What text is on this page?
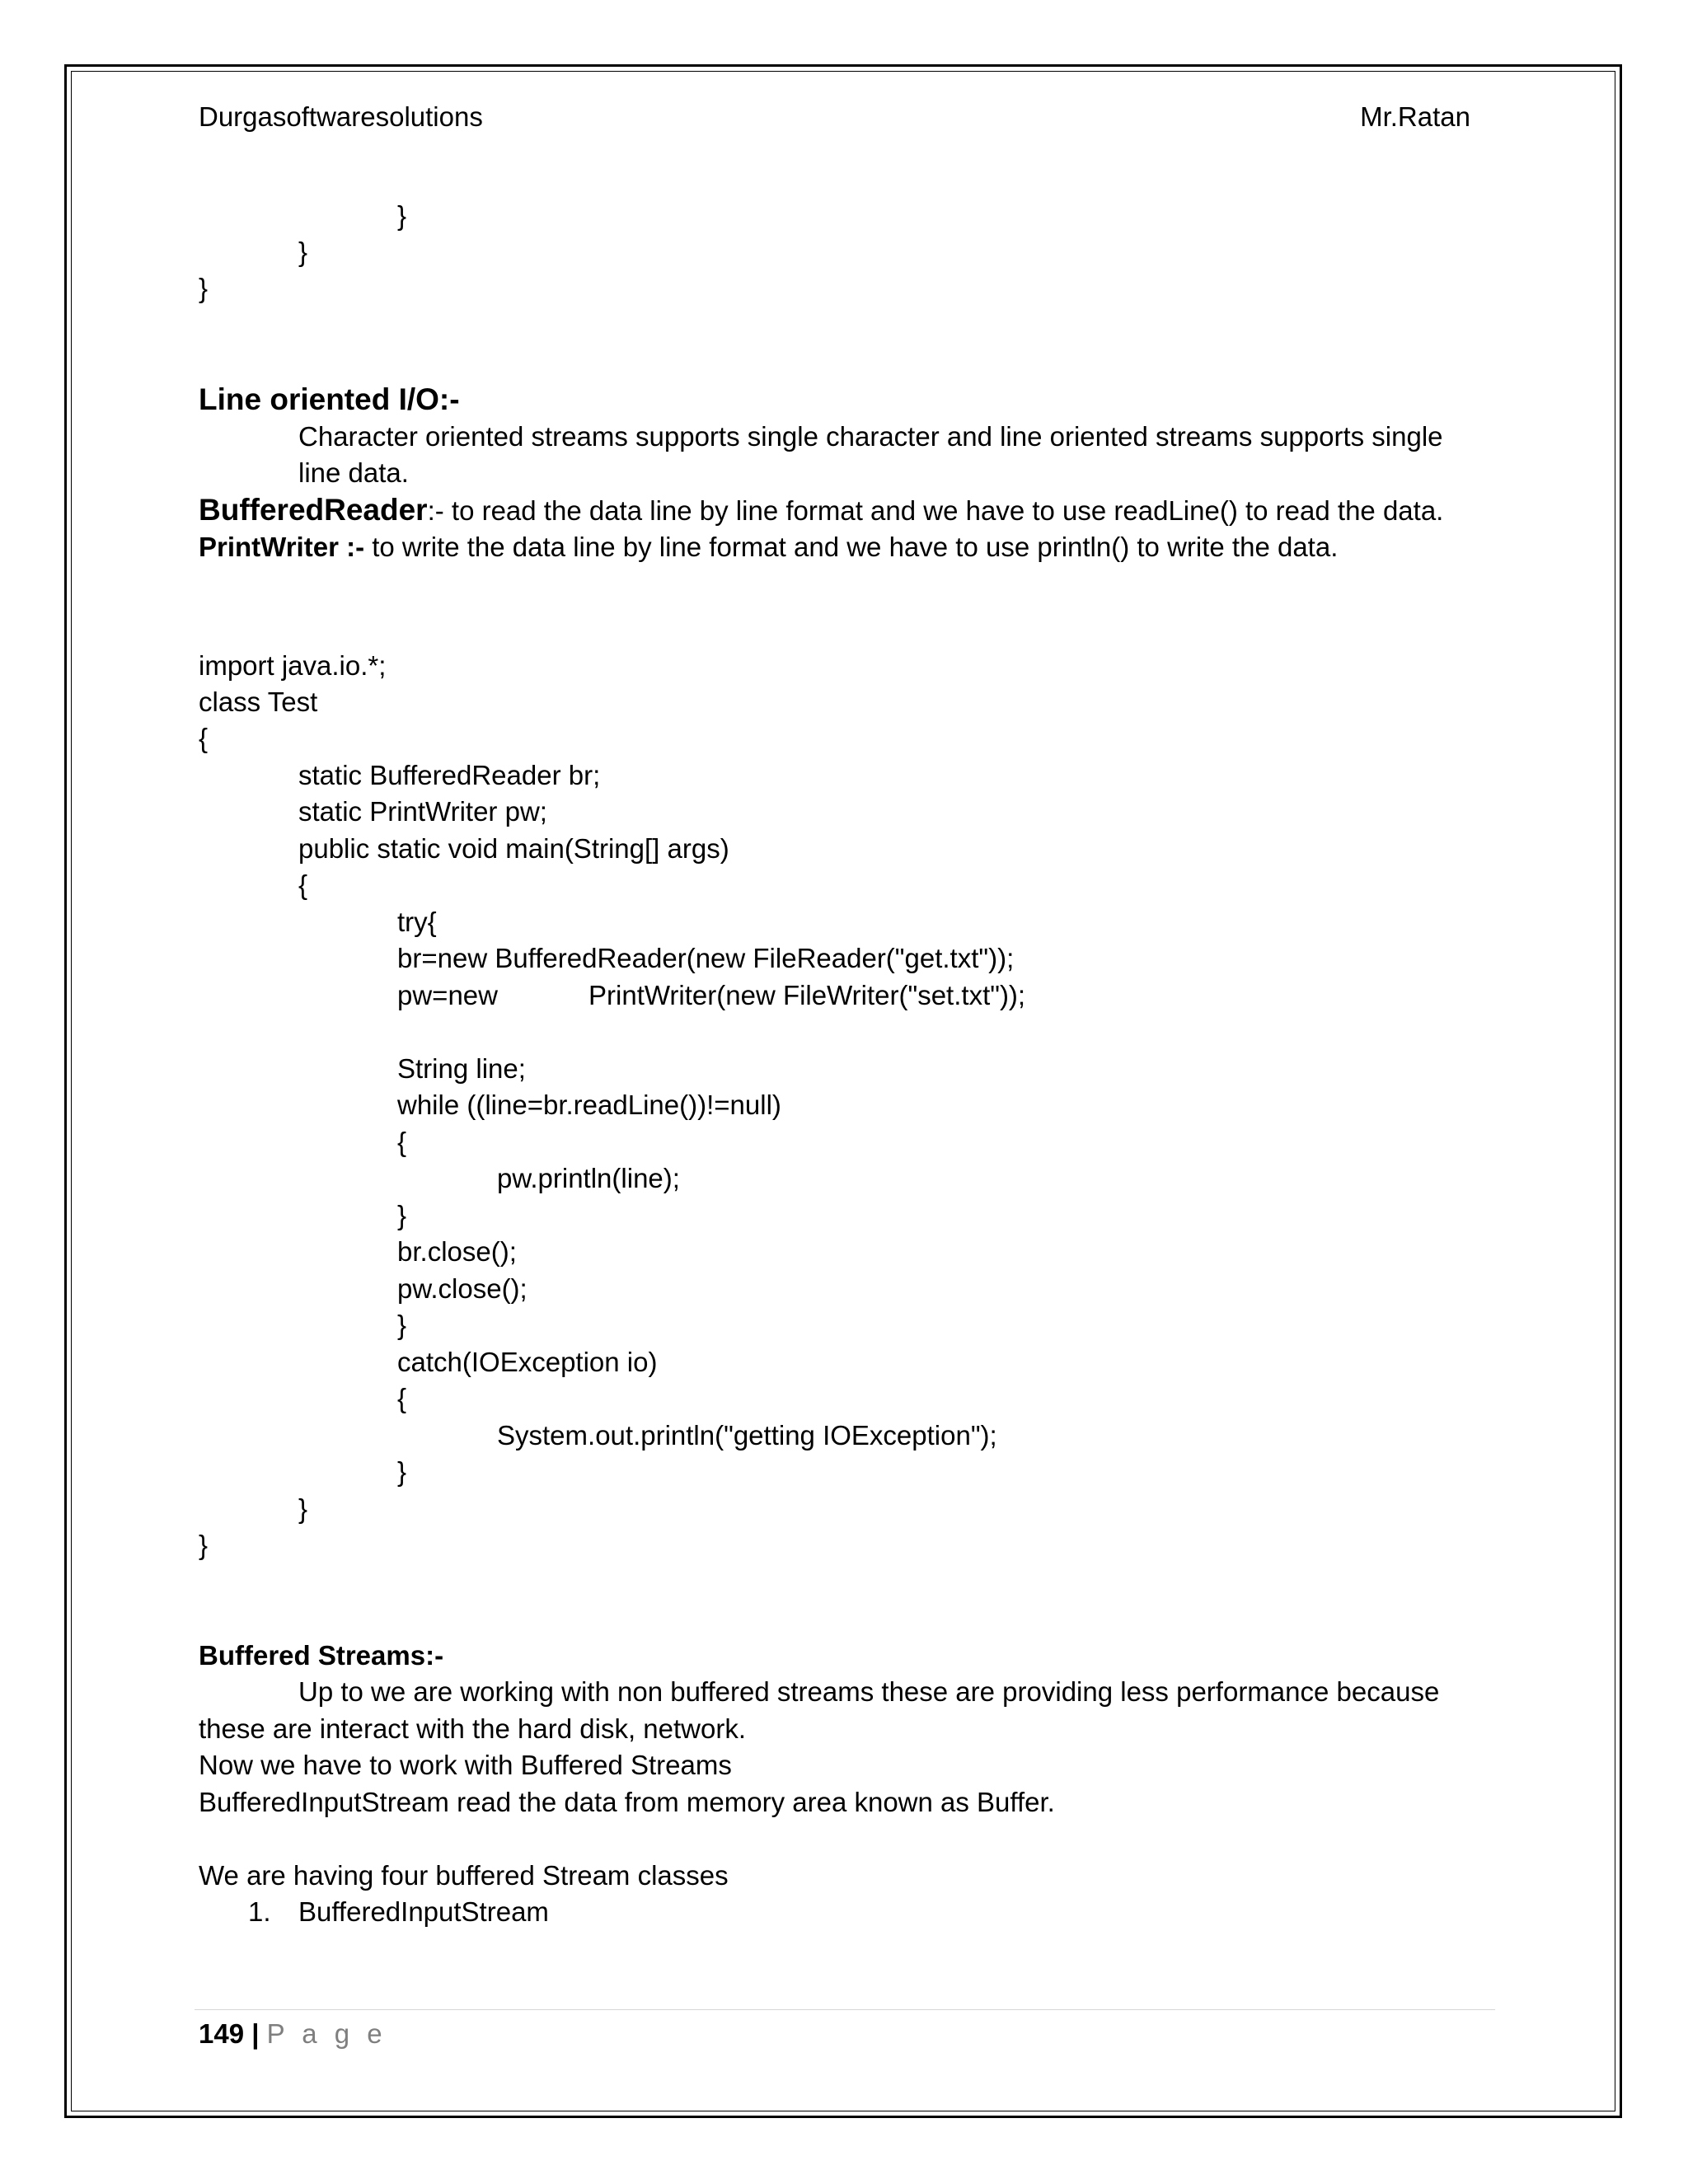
Durgasoftwaresolutions	Mr.Ratan
}
}
}
Line oriented I/O:-
Character oriented streams supports single character and line oriented streams supports single
line data.
BufferedReader:- to read the data line by line format and we have to use readLine() to read the data.
PrintWriter :- to write the data line by line format and we have to use println() to write the data.
import java.io.*;
class Test
{
static BufferedReader br;
static PrintWriter pw;
public static void main(String[] args)
{
try{
br=new BufferedReader(new FileReader("get.txt"));
pw=new            PrintWriter(new FileWriter("set.txt"));
String line;
while ((line=br.readLine())!=null)
{
pw.println(line);
}
br.close();
pw.close();
}
catch(IOException io)
{
System.out.println("getting IOException");
}
}
}
Buffered Streams:-
Up to we are working with non buffered streams these are providing less performance because
these are interact with the hard disk, network.
Now we have to work with Buffered Streams
BufferedInputStream read the data from memory area known as Buffer.
We are having four buffered Stream classes
1. BufferedInputStream
149 | P a g e
